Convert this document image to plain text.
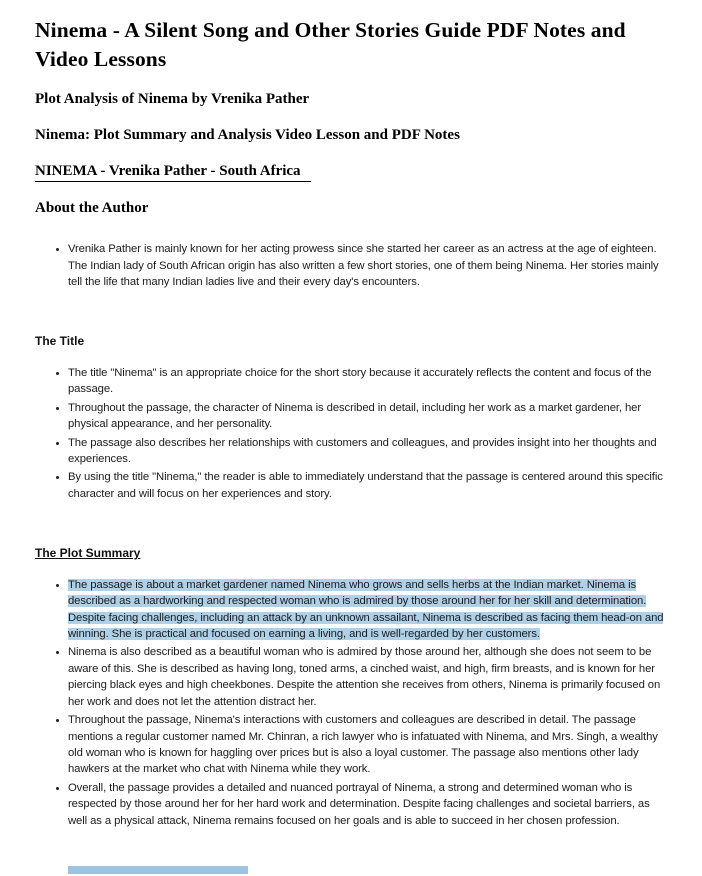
Ninema - A Silent Song and Other Stories Guide PDF Notes and Video Lessons
Plot Analysis of Ninema by Vrenika Pather
Ninema: Plot Summary and Analysis Video Lesson and PDF Notes
NINEMA - Vrenika Pather - South Africa
About the Author
• Vrenika Pather is mainly known for her acting prowess since she started her career as an actress at the age of eighteen. The Indian lady of South African origin has also written a few short stories, one of them being Ninema. Her stories mainly tell the life that many Indian ladies live and their every day's encounters.
The Title
• The title "Ninema" is an appropriate choice for the short story because it accurately reflects the content and focus of the passage.
• Throughout the passage, the character of Ninema is described in detail, including her work as a market gardener, her physical appearance, and her personality.
• The passage also describes her relationships with customers and colleagues, and provides insight into her thoughts and experiences.
• By using the title "Ninema," the reader is able to immediately understand that the passage is centered around this specific character and will focus on her experiences and story.
The Plot Summary
• The passage is about a market gardener named Ninema who grows and sells herbs at the Indian market. Ninema is described as a hardworking and respected woman who is admired by those around her for her skill and determination. Despite facing challenges, including an attack by an unknown assailant, Ninema is described as facing them head-on and winning. She is practical and focused on earning a living, and is well-regarded by her customers.
• Ninema is also described as a beautiful woman who is admired by those around her, although she does not seem to be aware of this. She is described as having long, toned arms, a cinched waist, and high, firm breasts, and is known for her piercing black eyes and high cheekbones. Despite the attention she receives from others, Ninema is primarily focused on her work and does not let the attention distract her.
• Throughout the passage, Ninema's interactions with customers and colleagues are described in detail. The passage mentions a regular customer named Mr. Chinran, a rich lawyer who is infatuated with Ninema, and Mrs. Singh, a wealthy old woman who is known for haggling over prices but is also a loyal customer. The passage also mentions other lady hawkers at the market who chat with Ninema while they work.
• Overall, the passage provides a detailed and nuanced portrayal of Ninema, a strong and determined woman who is respected by those around her for her hard work and determination. Despite facing challenges and societal barriers, as well as a physical attack, Ninema remains focused on her goals and is able to succeed in her chosen profession.
